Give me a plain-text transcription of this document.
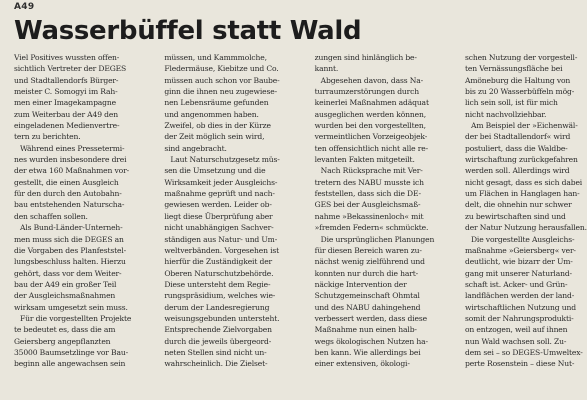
A49
Wasserbüffel statt Wald
Viel Positives wussten offen-
sichtlich Vertreter der DEGES
und Stadtallendorfs Bürger-
meister C. Somogyi im Rah-
men einer Imagekampagne
zum Weiterbau der A49 den
eingeladenen Medienvertre-
tern zu berichten.
Während eines Pressetermi-
nes wurden insbesondere drei
der etwa 160 Maßnahmen vor-
gestellt, die einen Ausgleich
für den durch den Autobahn-
bau entstehenden Naturscha-
den schaffen sollen.
Als Bund-Länder-Unterneh-
men muss sich die DEGES an
die Vorgaben des Planfeststel-
lungsbeschluss halten. Hierzu
gehört, dass vor dem Weiter-
bau der A49 ein großer Teil
der Ausgleichsmaßnahmen
wirksam umgesetzt sein muss.
Für die vorgestellten Projekte
te bedeutet es, dass die am
Geiersberg angepflanzten
35000 Baumsetzlinge vor Bau-
beginn alle angewachsen sein
müssen, und Kammmolche,
Fledermäuse, Kiebitze und Co.
müssen auch schon vor Baube-
ginn die ihnen neu zugewiese-
nen Lebensräume gefunden
und angenommen haben.
Zweifel, ob dies in der Kürze
der Zeit möglich sein wird,
sind angebracht.
Laut Naturschutzgesetz müs-
sen die Umsetzung und die
Wirksamkeit jeder Ausgleichs-
maßnahme geprüft und nach-
gewiesen werden. Leider ob-
liegt diese Überprüfung aber
nicht unabhängigen Sachver-
ständigen aus Natur- und Um-
weltverbänden. Vorgesehen ist
hierfür die Zuständigkeit der
Oberen Naturschutzbehörde.
Diese untersteht dem Regie-
rungspräsidium, welches wie-
derum der Landesregierung
weisungsgebunden untersteht.
Entsprechende Zielvorgaben
durch die jeweils übergeord-
neten Stellen sind nicht un-
wahrscheinlich. Die Zielset-
zungen sind hinlänglich be-
kannt.
Abgesehen davon, dass Na-
turraumzerstörungen durch
keinerlei Maßnahmen adäquat
ausgeglichen werden können,
wurden bei den vorgestellten,
vermeintlichen Vorzeigeobjek-
ten offensichtlich nicht alle re-
levanten Fakten mitgeteilt.
Nach Rücksprache mit Ver-
tretern des NABU musste ich
feststellen, dass sich die DE-
GES bei der Ausgleichsmaß-
nahme »Bekassinenloch« mit
»fremden Federn« schmückte.
Die ursprünglichen Planungen
für diesen Bereich waren zu-
nächst wenig zielführend und
konnten nur durch die hart-
näckige Intervention der
Schutzgemeinschaft Ohmtal
und des NABU dahingehend
verbessert werden, dass diese
Maßnahme nun einen halb-
wegs ökologischen Nutzen ha-
ben kann. Wie allerdings bei
einer extensiven, ökologi-
schen Nutzung der vorgestell-
ten Vernässungsfläche bei
Amöneburg die Haltung von
bis zu 20 Wasserbüffeln mög-
lich sein soll, ist für mich
nicht nachvollziehbar.
Am Beispiel der »Eichenwäl-
der bei Stadtallendorf« wird
postuliert, dass die Waldbe-
wirtschaftung zurückgefahren
werden soll. Allerdings wird
nicht gesagt, dass es sich dabei
um Flächen in Hanglagen han-
delt, die ohnehin nur schwer
zu bewirtschaften sind und
der Natur Nutzung herausfallen.
Die vorgestellte Ausgleichs-
maßnahme »Geiersberg« ver-
deutlicht, wie bizarr der Um-
gang mit unserer Naturland-
schaft ist. Acker- und Grün-
landflächen werden der land-
wirtschaftlichen Nutzung und
somit der Nahrungsprodukti-
on entzogen, weil auf ihnen
nun Wald wachsen soll. Zu-
dem sei – so DEGES-Umweltex-
perte Rosenstein – diese Nut-
